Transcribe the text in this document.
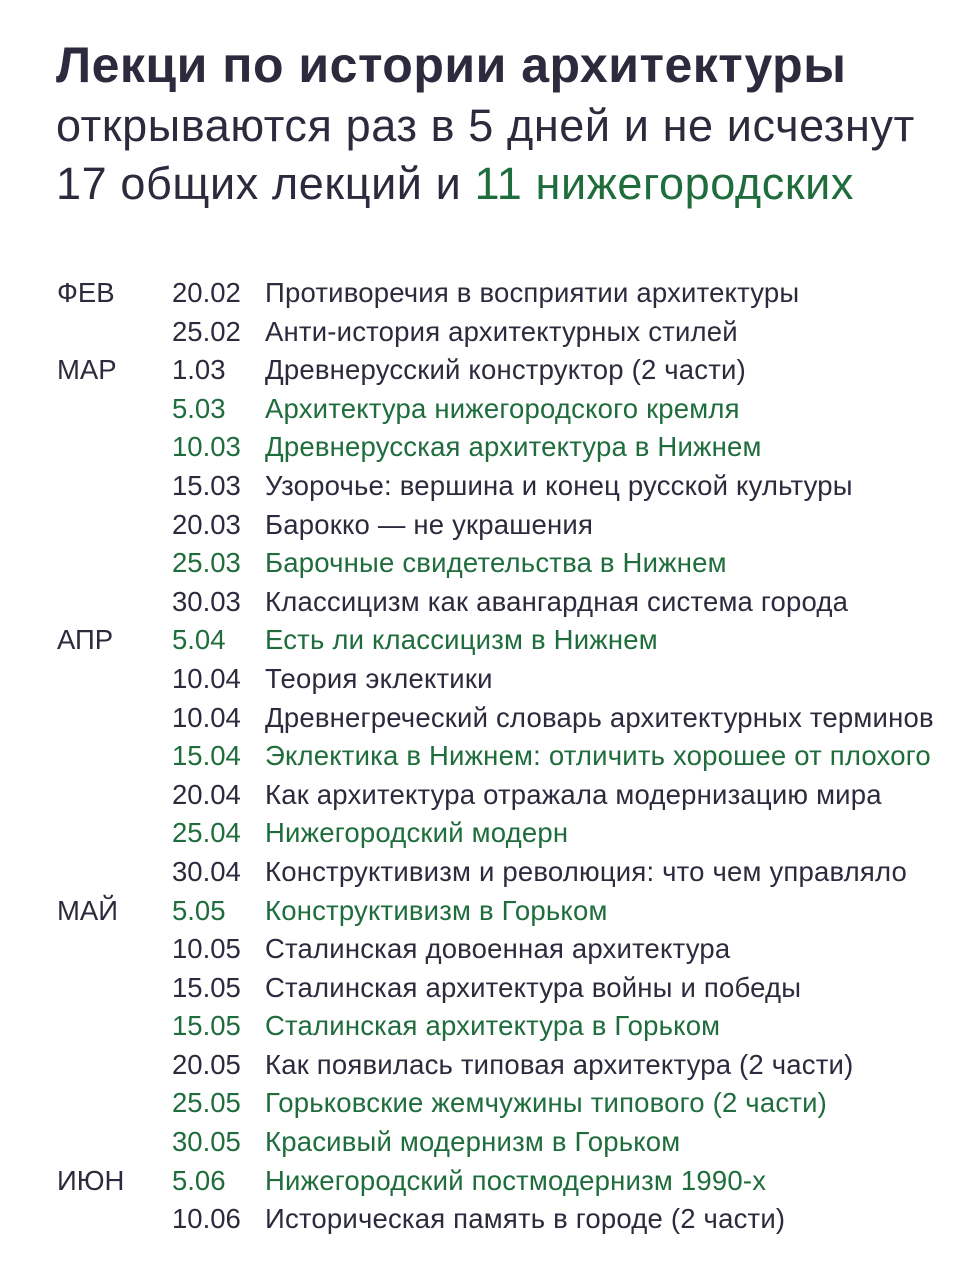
Лекци по истории архитектуры
открываются раз в 5 дней и не исчезнут
17 общих лекций и 11 нижегородских
ФЕВ 20.02 Противоречия в восприятии архитектуры
25.02 Анти-история архитектурных стилей
МАР 1.03 Древнерусский конструктор (2 части)
5.03 Архитектура нижегородского кремля
10.03 Древнерусская архитектура в Нижнем
15.03 Узорочье: вершина и конец русской культуры
20.03 Барокко — не украшения
25.03 Барочные свидетельства в Нижнем
30.03 Классицизм как авангардная система города
АПР 5.04 Есть ли классицизм в Нижнем
10.04 Теория эклектики
10.04 Древнегреческий словарь архитектурных терминов
15.04 Эклектика в Нижнем: отличить хорошее от плохого
20.04 Как архитектура отражала модернизацию мира
25.04 Нижегородский модерн
30.04 Конструктивизм и революция: что чем управляло
МАЙ 5.05 Конструктивизм в Горьком
10.05 Сталинская довоенная архитектура
15.05 Сталинская архитектура войны и победы
15.05 Сталинская архитектура в Горьком
20.05 Как появилась типовая архитектура (2 части)
25.05 Горьковские жемчужины типового (2 части)
30.05 Красивый модернизм в Горьком
ИЮН 5.06 Нижегородский постмодернизм 1990-х
10.06 Историческая память в городе (2 части)
